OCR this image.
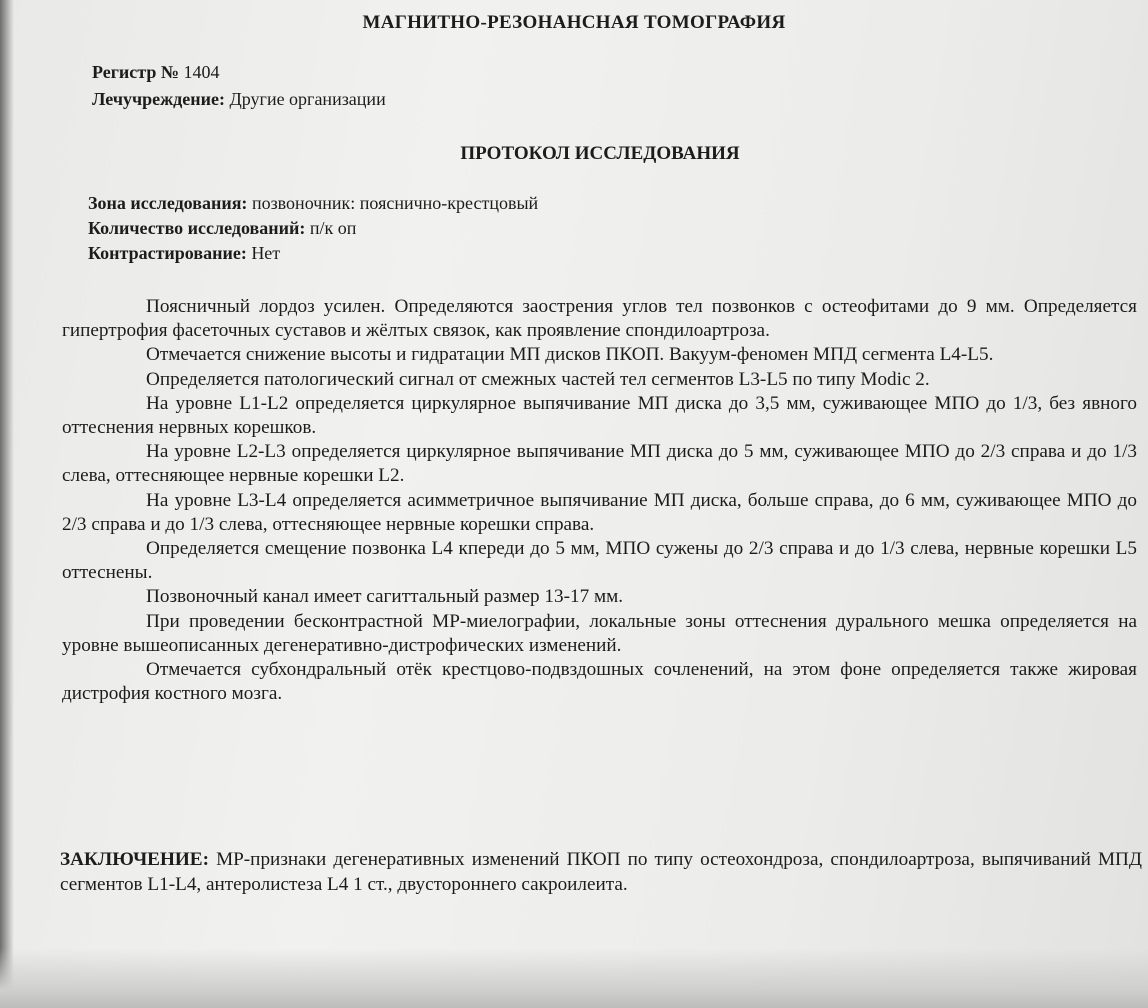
МАГНИТНО-РЕЗОНАНСНАЯ ТОМОГРАФИЯ
Регистр № 1404
Лечучреждение: Другие организации
ПРОТОКОЛ ИССЛЕДОВАНИЯ
Зона исследования: позвоночник: пояснично-крестцовый
Количество исследований: п/к оп
Контрастирование: Нет

Поясничный лордоз усилен. Определяются заострения углов тел позвонков с остеофитами до 9 мм. Определяется гипертрофия фасеточных суставов и жёлтых связок, как проявление спондилоартроза.

Отмечается снижение высоты и гидратации МП дисков ПКОП. Вакуум-феномен МПД сегмента L4-L5.

Определяется патологический сигнал от смежных частей тел сегментов L3-L5 по типу Modic 2.

На уровне L1-L2 определяется циркулярное выпячивание МП диска до 3,5 мм, суживающее МПО до 1/3, без явного оттеснения нервных корешков.

На уровне L2-L3 определяется циркулярное выпячивание МП диска до 5 мм, суживающее МПО до 2/3 справа и до 1/3 слева, оттесняющее нервные корешки L2.

На уровне L3-L4 определяется асимметричное выпячивание МП диска, больше справа, до 6 мм, суживающее МПО до 2/3 справа и до 1/3 слева, оттесняющее нервные корешки справа.

Определяется смещение позвонка L4 кпереди до 5 мм, МПО сужены до 2/3 справа и до 1/3 слева, нервные корешки L5 оттеснены.

Позвоночный канал имеет сагиттальный размер 13-17 мм.

При проведении бесконтрастной МР-миелографии, локальные зоны оттеснения дурального мешка определяется на уровне вышеописанных дегенеративно-дистрофических изменений.

Отмечается субхондральный отёк крестцово-подвздошных сочленений, на этом фоне определяется также жировая дистрофия костного мозга.

ЗАКЛЮЧЕНИЕ: МР-признаки дегенеративных изменений ПКОП по типу остеохондроза, спондилоартроза, выпячиваний МПД сегментов L1-L4, антеролистеза L4 1 ст., двустороннего сакроилеита.
